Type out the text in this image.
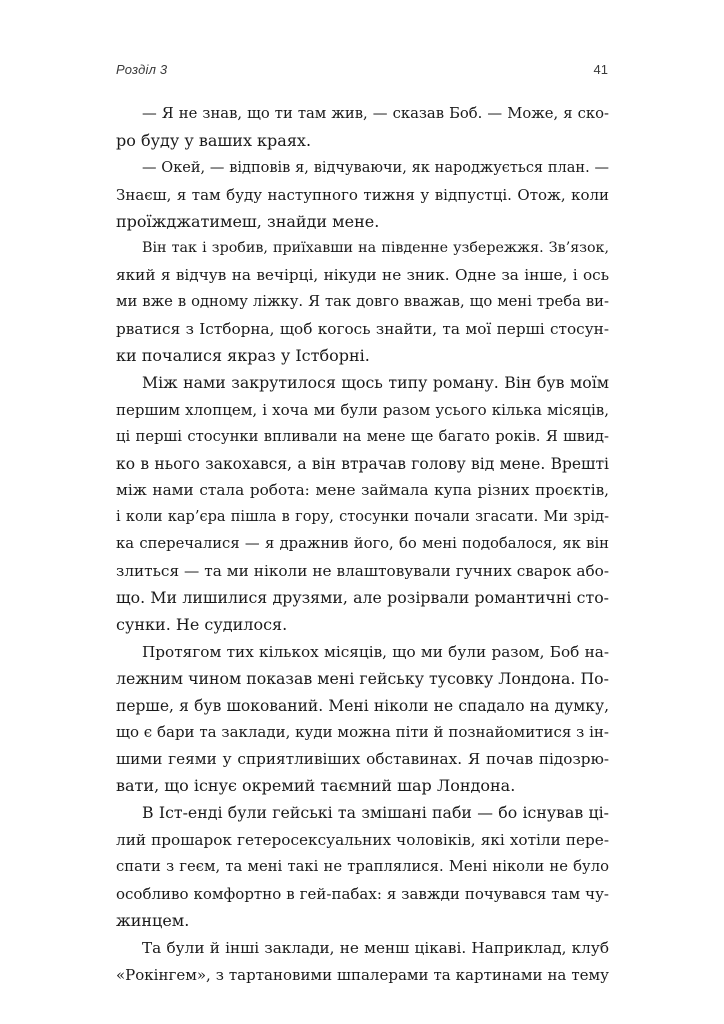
Розділ 3	41
— Я не знав, що ти там жив, — сказав Боб. — Може, я ско-
ро буду у ваших краях.
— Окей, — відповів я, відчуваючи, як народжується план. —
Знаєш, я там буду наступного тижня у відпустці. Отож, коли
проїжджатимеш, знайди мене.
Він так і зробив, приїхавши на південне узбережжя. Зв’язок,
який я відчув на вечірці, нікуди не зник. Одне за інше, і ось
ми вже в одному ліжку. Я так довго вважав, що мені треба ви-
рватися з Істборна, щоб когось знайти, та мої перші стосун-
ки почалися якраз у Істборні.
Між нами закрутилося щось типу роману. Він був моїм
першим хлопцем, і хоча ми були разом усього кілька місяців,
ці перші стосунки впливали на мене ще багато років. Я швид-
ко в нього закохався, а він втрачав голову від мене. Врешті
між нами стала робота: мене займала купа різних проєктів,
і коли кар’єра пішла в гору, стосунки почали згасати. Ми зрід-
ка сперечалися — я дражнив його, бо мені подобалося, як він
злиться — та ми ніколи не влаштовували гучних сварок або-
що. Ми лишилися друзями, але розірвали романтичні сто-
сунки. Не судилося.
Протягом тих кількох місяців, що ми були разом, Боб на-
лежним чином показав мені гейську тусовку Лондона. По-
перше, я був шокований. Мені ніколи не спадало на думку,
що є бари та заклади, куди можна піти й познайомитися з ін-
шими геями у сприятливіших обставинах. Я почав підозрю-
вати, що існує окремий таємний шар Лондона.
В Іст-енді були гейські та змішані паби — бо існував ці-
лий прошарок гетеросексуальних чоловіків, які хотіли пере-
спати з геєм, та мені такі не траплялися. Мені ніколи не було
особливо комфортно в гей-пабах: я завжди почувався там чу-
жинцем.
Та були й інші заклади, не менш цікаві. Наприклад, клуб
«Рокінгем», з тартановими шпалерами та картинами на тему
